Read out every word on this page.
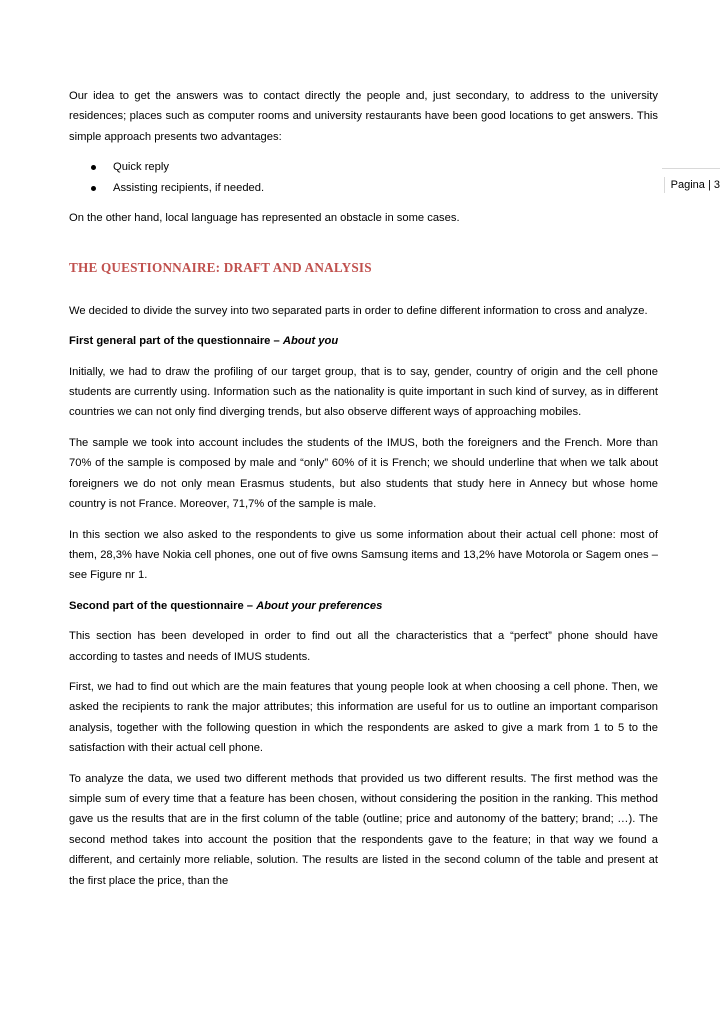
Pagina | 3

Our idea to get the answers was to contact directly the people and, just secondary, to address to the university residences; places such as computer rooms and university restaurants have been good locations to get answers. This simple approach presents two advantages:

Quick reply
Assisting recipients, if needed.

On the other hand, local language has represented an obstacle in some cases.

THE QUESTIONNAIRE: DRAFT AND ANALYSIS

We decided to divide the survey into two separated parts in order to define different information to cross and analyze.

First general part of the questionnaire – About you

Initially, we had to draw the profiling of our target group, that is to say, gender, country of origin and the cell phone students are currently using. Information such as the nationality is quite important in such kind of survey, as in different countries we can not only find diverging trends, but also observe different ways of approaching mobiles.

The sample we took into account includes the students of the IMUS, both the foreigners and the French. More than 70% of the sample is composed by male and “only” 60% of it is French; we should underline that when we talk about foreigners we do not only mean Erasmus students, but also students that study here in Annecy but whose home country is not France. Moreover, 71,7% of the sample is male.

In this section we also asked to the respondents to give us some information about their actual cell phone: most of them, 28,3% have Nokia cell phones, one out of five owns Samsung items and 13,2% have Motorola or Sagem ones – see Figure nr 1.

Second part of the questionnaire – About your preferences

This section has been developed in order to find out all the characteristics that a “perfect” phone should have according to tastes and needs of IMUS students.

First, we had to find out which are the main features that young people look at when choosing a cell phone. Then, we asked the recipients to rank the major attributes; this information are useful for us to outline an important comparison analysis, together with the following question in which the respondents are asked to give a mark from 1 to 5 to the satisfaction with their actual cell phone.

To analyze the data, we used two different methods that provided us two different results. The first method was the simple sum of every time that a feature has been chosen, without considering the position in the ranking. This method gave us the results that are in the first column of the table (outline; price and autonomy of the battery; brand; …). The second method takes into account the position that the respondents gave to the feature; in that way we found a different, and certainly more reliable, solution. The results are listed in the second column of the table and present at the first place the price, than the
